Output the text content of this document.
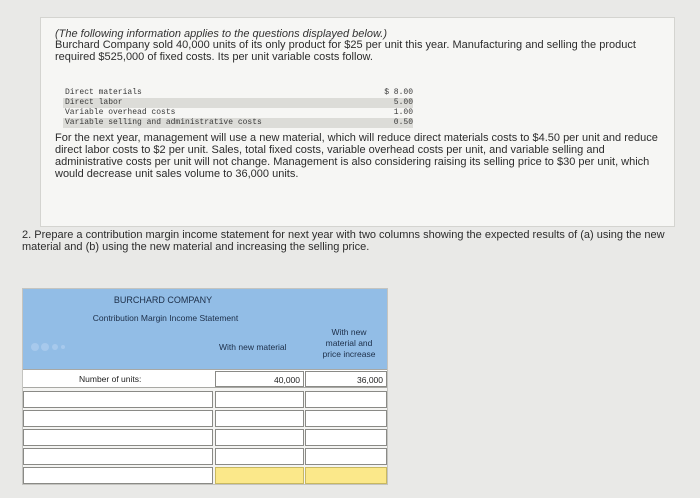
(The following information applies to the questions displayed below.)
Burchard Company sold 40,000 units of its only product for $25 per unit this year. Manufacturing and selling the product required $525,000 of fixed costs. Its per unit variable costs follow.
Direct materials	$ 8.00
Direct labor	5.00
Variable overhead costs	1.00
Variable selling and administrative costs	0.50
For the next year, management will use a new material, which will reduce direct materials costs to $4.50 per unit and reduce direct labor costs to $2 per unit. Sales, total fixed costs, variable overhead costs per unit, and variable selling and administrative costs per unit will not change. Management is also considering raising its selling price to $30 per unit, which would decrease unit sales volume to 36,000 units.
2. Prepare a contribution margin income statement for next year with two columns showing the expected results of (a) using the new material and (b) using the new material and increasing the selling price.
BURCHARD COMPANY
Contribution Margin Income Statement
With new material
With new
material and
price increase
Number of units:	40,000	36,000
